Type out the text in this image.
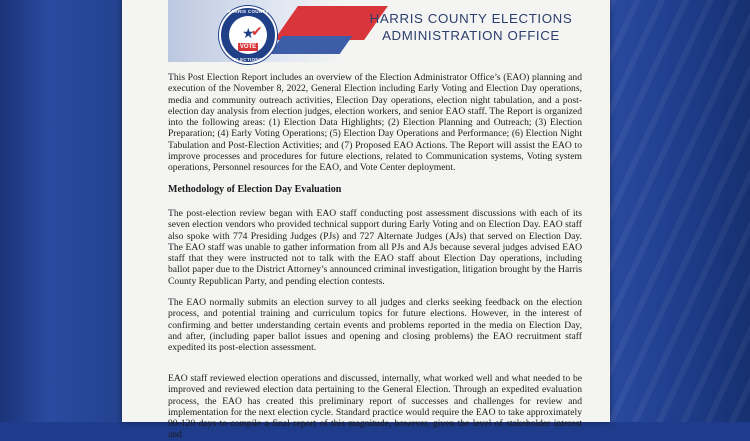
HARRIS COUNTY
★
✔
VOTE
ELECTIONS
HARRIS COUNTY ELECTIONS
ADMINISTRATION OFFICE

This Post Election Report includes an overview of the Election Administrator Office’s (EAO) planning and execution of the November 8, 2022, General Election including Early Voting and Election Day operations, media and community outreach activities, Election Day operations, election night tabulation, and a post-election day analysis from election judges, election workers, and senior EAO staff. The Report is organized into the following areas: (1) Election Data Highlights; (2) Election Planning and Outreach; (3) Election Preparation; (4) Early Voting Operations; (5) Election Day Operations and Performance; (6) Election Night Tabulation and Post-Election Activities; and (7) Proposed EAO Actions. The Report will assist the EAO to improve processes and procedures for future elections, related to Communication systems, Voting system operations, Personnel resources for the EAO, and Vote Center deployment.

Methodology of Election Day Evaluation

The post-election review began with EAO staff conducting post assessment discussions with each of its seven election vendors who provided technical support during Early Voting and on Election Day. EAO staff also spoke with 774 Presiding Judges (PJs) and 727 Alternate Judges (AJs) that served on Election Day. The EAO staff was unable to gather information from all PJs and AJs because several judges advised EAO staff that they were instructed not to talk with the EAO staff about Election Day operations, including ballot paper due to the District Attorney’s announced criminal investigation, litigation brought by the Harris County Republican Party, and pending election contests.

The EAO normally submits an election survey to all judges and clerks seeking feedback on the election process, and potential training and curriculum topics for future elections. However, in the interest of confirming and better understanding certain events and problems reported in the media on Election Day, and after, (including paper ballot issues and opening and closing problems) the EAO recruitment staff expedited its post-election assessment.

EAO staff reviewed election operations and discussed, internally, what worked well and what needed to be improved and reviewed election data pertaining to the General Election. Through an expedited evaluation process, the EAO has created this preliminary report of successes and challenges for review and implementation for the next election cycle. Standard practice would require the EAO to take approximately 90-120 days to compile a final report of this magnitude, however, given the level of stakeholder interest and
